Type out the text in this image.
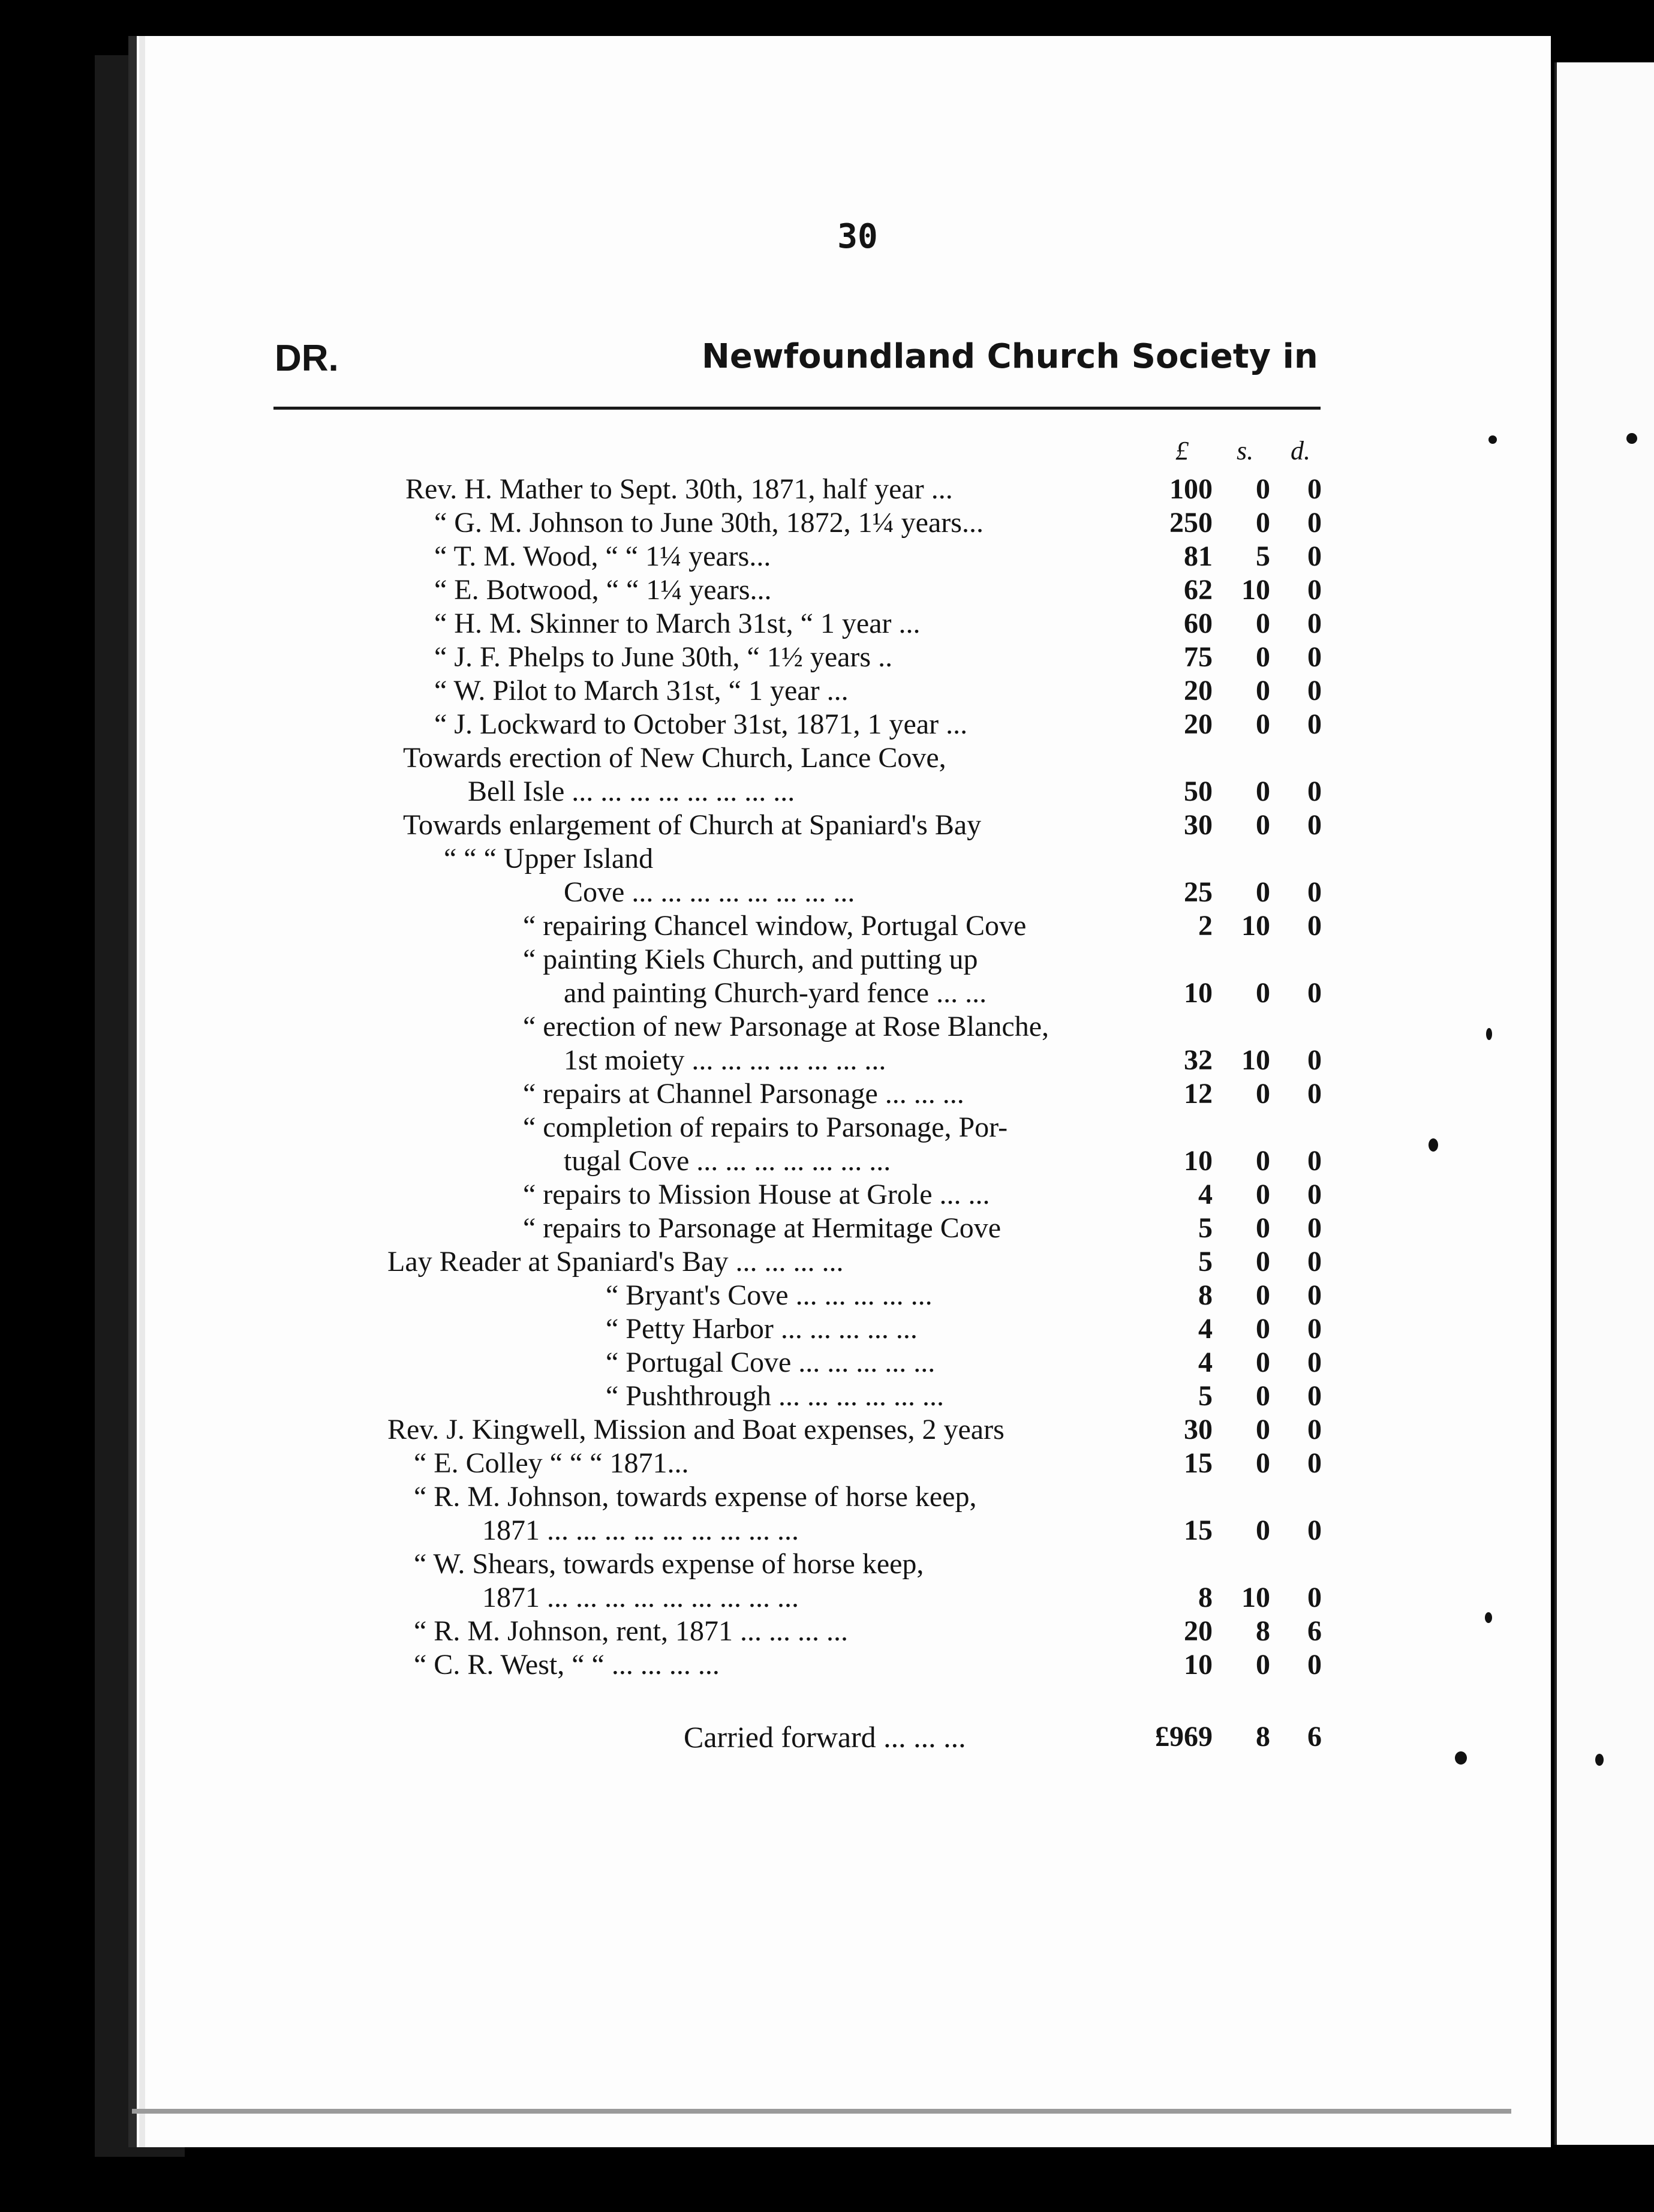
30
DR.	Newfoundland Church Society in
£ s. d.
Rev. H. Mather to Sept. 30th, 1871, half year ...	100	0	0
“ G. M. Johnson to June 30th, 1872, 1¼ years...	250	0	0
“ T. M. Wood, “ “ 1¼ years...	81	5	0
“ E. Botwood, “ “ 1¼ years...	62	10	0
“ H. M. Skinner to March 31st, “ 1 year ...	60	0	0
“ J. F. Phelps to June 30th, “ 1½ years ..	75	0	0
“ W. Pilot to March 31st, “ 1 year ...	20	0	0
“ J. Lockward to October 31st, 1871, 1 year ...	20	0	0
Towards erection of New Church, Lance Cove,
Bell Isle ... ... ... ... ... ... ... ...	50	0	0
Towards enlargement of Church at Spaniard's Bay	30	0	0
“ “ “ Upper Island
Cove ... ... ... ... ... ... ... ...	25	0	0
“ repairing Chancel window, Portugal Cove	2	10	0
“ painting Kiels Church, and putting up
and painting Church-yard fence ... ...	10	0	0
“ erection of new Parsonage at Rose Blanche,
1st moiety ... ... ... ... ... ... ...	32	10	0
“ repairs at Channel Parsonage ... ... ...	12	0	0
“ completion of repairs to Parsonage, Por-
tugal Cove ... ... ... ... ... ... ...	10	0	0
“ repairs to Mission House at Grole ... ...	4	0	0
“ repairs to Parsonage at Hermitage Cove	5	0	0
Lay Reader at Spaniard's Bay ... ... ... ...	5	0	0
“ Bryant's Cove ... ... ... ... ...	8	0	0
“ Petty Harbor ... ... ... ... ...	4	0	0
“ Portugal Cove ... ... ... ... ...	4	0	0
“ Pushthrough ... ... ... ... ... ...	5	0	0
Rev. J. Kingwell, Mission and Boat expenses, 2 years	30	0	0
“ E. Colley “ “ “ 1871...	15	0	0
“ R. M. Johnson, towards expense of horse keep,
1871 ... ... ... ... ... ... ... ... ...	15	0	0
“ W. Shears, towards expense of horse keep,
1871 ... ... ... ... ... ... ... ... ...	8	10	0
“ R. M. Johnson, rent, 1871 ... ... ... ...	20	8	6
“ C. R. West, “ “ ... ... ... ...	10	0	0
Carried forward ... ... ...	£969	8	6
